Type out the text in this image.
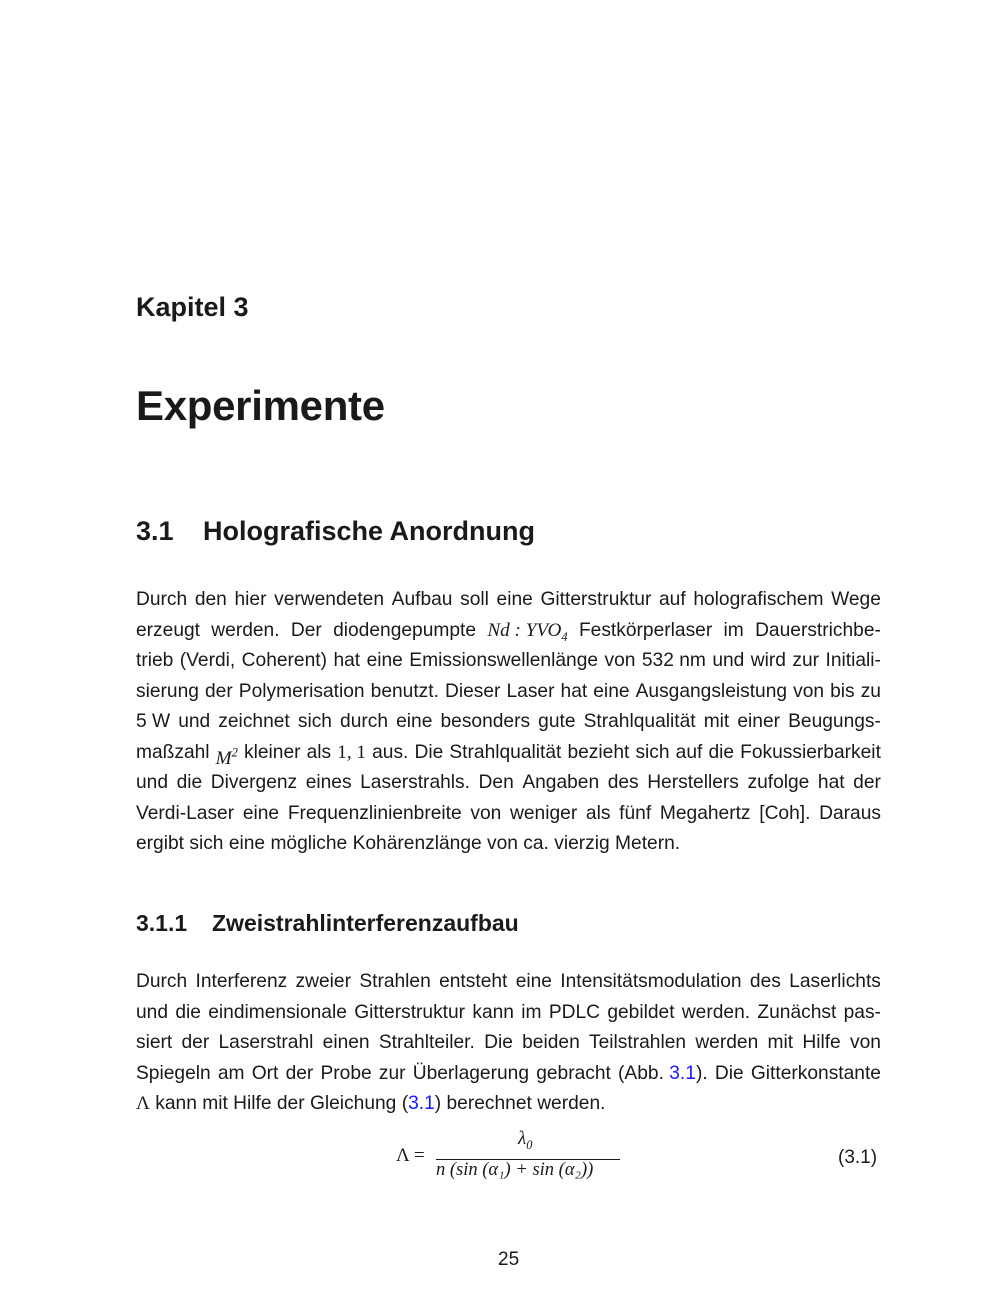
Kapitel 3
Experimente
3.1 Holografische Anordnung
Durch den hier verwendeten Aufbau soll eine Gitterstruktur auf holografischem Wege
erzeugt werden. Der diodengepumpte Nd : $YVO_4$ Festkörperlaser im Dauerstrichbe-
trieb (Verdi, Coherent) hat eine Emissionswellenlänge von 532 nm und wird zur Initiali-
sierung der Polymerisation benutzt. Dieser Laser hat eine Ausgangsleistung von bis zu
5 W und zeichnet sich durch eine besonders gute Strahlqualität mit einer Beugungs-
maßzahl $M^2$ kleiner als 1, 1 aus. Die Strahlqualität bezieht sich auf die Fokussierbarkeit
und die Divergenz eines Laserstrahls. Den Angaben des Herstellers zufolge hat der
Verdi-Laser eine Frequenzlinienbreite von weniger als fünf Megahertz [Coh]. Daraus
ergibt sich eine mögliche Kohärenzlänge von ca. vierzig Metern.
3.1.1 Zweistrahlinterferenzaufbau
Durch Interferenz zweier Strahlen entsteht eine Intensitätsmodulation des Laserlichts
und die eindimensionale Gitterstruktur kann im PDLC gebildet werden. Zunächst pas-
siert der Laserstrahl einen Strahlteiler. Die beiden Teilstrahlen werden mit Hilfe von
Spiegeln am Ort der Probe zur Überlagerung gebracht (Abb. 3.1). Die Gitterkonstante
Λ kann mit Hilfe der Gleichung (3.1) berechnet werden.
Λ =
$\lambda_0$
n (sin (α₁) + sin (α₂))
(3.1)
25
